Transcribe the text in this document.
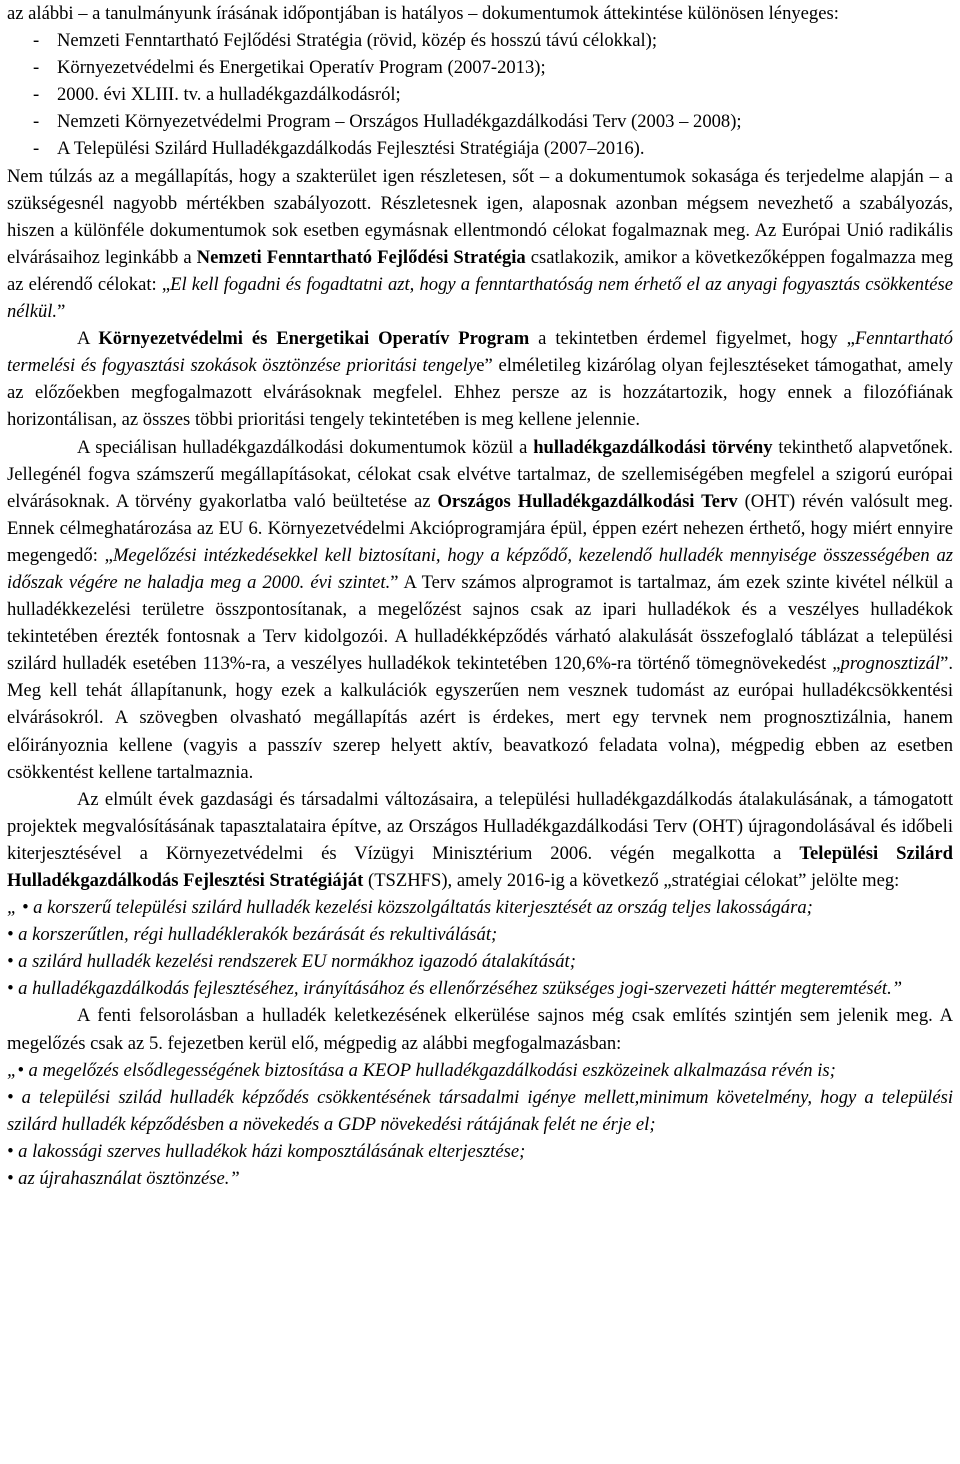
az alábbi – a tanulmányunk írásának időpontjában is hatályos – dokumentumok áttekintése különösen lényeges:

- Nemzeti Fenntartható Fejlődési Stratégia (rövid, közép és hosszú távú célokkal);

- Környezetvédelmi és Energetikai Operatív Program (2007-2013);

- 2000. évi XLIII. tv. a hulladékgazdálkodásról;

- Nemzeti Környezetvédelmi Program – Országos Hulladékgazdálkodási Terv (2003 – 2008);

- A Települési Szilárd Hulladékgazdálkodás Fejlesztési Stratégiája (2007–2016).

Nem túlzás az a megállapítás, hogy a szakterület igen részletesen, sőt – a dokumentumok sokasága és terjedelme alapján – a szükségesnél nagyobb mértékben szabályozott. Részletesnek igen, alaposnak azonban mégsem nevezhető a szabályozás, hiszen a különféle dokumentumok sok esetben egymásnak ellentmondó célokat fogalmaznak meg. Az Európai Unió radikális elvárásaihoz leginkább a Nemzeti Fenntartható Fejlődési Stratégia csatlakozik, amikor a következőképpen fogalmazza meg az elérendő célokat: „El kell fogadni és fogadtatni azt, hogy a fenntarthatóság nem érhető el az anyagi fogyasztás csökkentése nélkül.”

A Környezetvédelmi és Energetikai Operatív Program a tekintetben érdemel figyelmet, hogy „Fenntartható termelési és fogyasztási szokások ösztönzése prioritási tengelye” elméletileg kizárólag olyan fejlesztéseket támogathat, amely az előzőekben megfogalmazott elvárásoknak megfelel. Ehhez persze az is hozzátartozik, hogy ennek a filozófiának horizontálisan, az összes többi prioritási tengely tekintetében is meg kellene jelennie.

A speciálisan hulladékgazdálkodási dokumentumok közül a hulladékgazdálkodási törvény tekinthető alapvetőnek. Jellegénél fogva számszerű megállapításokat, célokat csak elvétve tartalmaz, de szellemiségében megfelel a szigorú európai elvárásoknak. A törvény gyakorlatba való beültetése az Országos Hulladékgazdálkodási Terv (OHT) révén valósult meg. Ennek célmeghatározása az EU 6. Környezetvédelmi Akcióprogramjára épül, éppen ezért nehezen érthető, hogy miért ennyire megengedő: „Megelőzési intézkedésekkel kell biztosítani, hogy a képződő, kezelendő hulladék mennyisége összességében az időszak végére ne haladja meg a 2000. évi szintet.” A Terv számos alprogramot is tartalmaz, ám ezek szinte kivétel nélkül a hulladékkezelési területre összpontosítanak, a megelőzést sajnos csak az ipari hulladékok és a veszélyes hulladékok tekintetében érezték fontosnak a Terv kidolgozói. A hulladékképződés várható alakulását összefoglaló táblázat a települési szilárd hulladék esetében 113%-ra, a veszélyes hulladékok tekintetében 120,6%-ra történő tömegnövekedést „prognosztizál”. Meg kell tehát állapítanunk, hogy ezek a kalkulációk egyszerűen nem vesznek tudomást az európai hulladékcsökkentési elvárásokról. A szövegben olvasható megállapítás azért is érdekes, mert egy tervnek nem prognosztizálnia, hanem előirányoznia kellene (vagyis a passzív szerep helyett aktív, beavatkozó feladata volna), mégpedig ebben az esetben csökkentést kellene tartalmaznia.

Az elmúlt évek gazdasági és társadalmi változásaira, a települési hulladékgazdálkodás átalakulásának, a támogatott projektek megvalósításának tapasztalataira építve, az Országos Hulladékgazdálkodási Terv (OHT) újragondolásával és időbeli kiterjesztésével a Környezetvédelmi és Vízügyi Minisztérium 2006. végén megalkotta a Települési Szilárd Hulladékgazdálkodás Fejlesztési Stratégiáját (TSZHFS), amely 2016-ig a következő „stratégiai célokat” jelölte meg:

„ • a korszerű települési szilárd hulladék kezelési közszolgáltatás kiterjesztését az ország teljes lakosságára;

• a korszerűtlen, régi hulladéklerakók bezárását és rekultiválását;

• a szilárd hulladék kezelési rendszerek EU normákhoz igazodó átalakítását;

• a hulladékgazdálkodás fejlesztéséhez, irányításához és ellenőrzéséhez szükséges jogi-szervezeti háttér megteremtését.”

A fenti felsorolásban a hulladék keletkezésének elkerülése sajnos még csak említés szintjén sem jelenik meg. A megelőzés csak az 5. fejezetben kerül elő, mégpedig az alábbi megfogalmazásban:

„• a megelőzés elsődlegességének biztosítása a KEOP hulladékgazdálkodási eszközeinek alkalmazása révén is;

• a települési szilád hulladék képződés csökkentésének társadalmi igénye mellett,minimum követelmény, hogy a települési szilárd hulladék képződésben a növekedés a GDP növekedési rátájának felét ne érje el;

• a lakossági szerves hulladékok házi komposztálásának elterjesztése;

• az újrahasználat ösztönzése.”
